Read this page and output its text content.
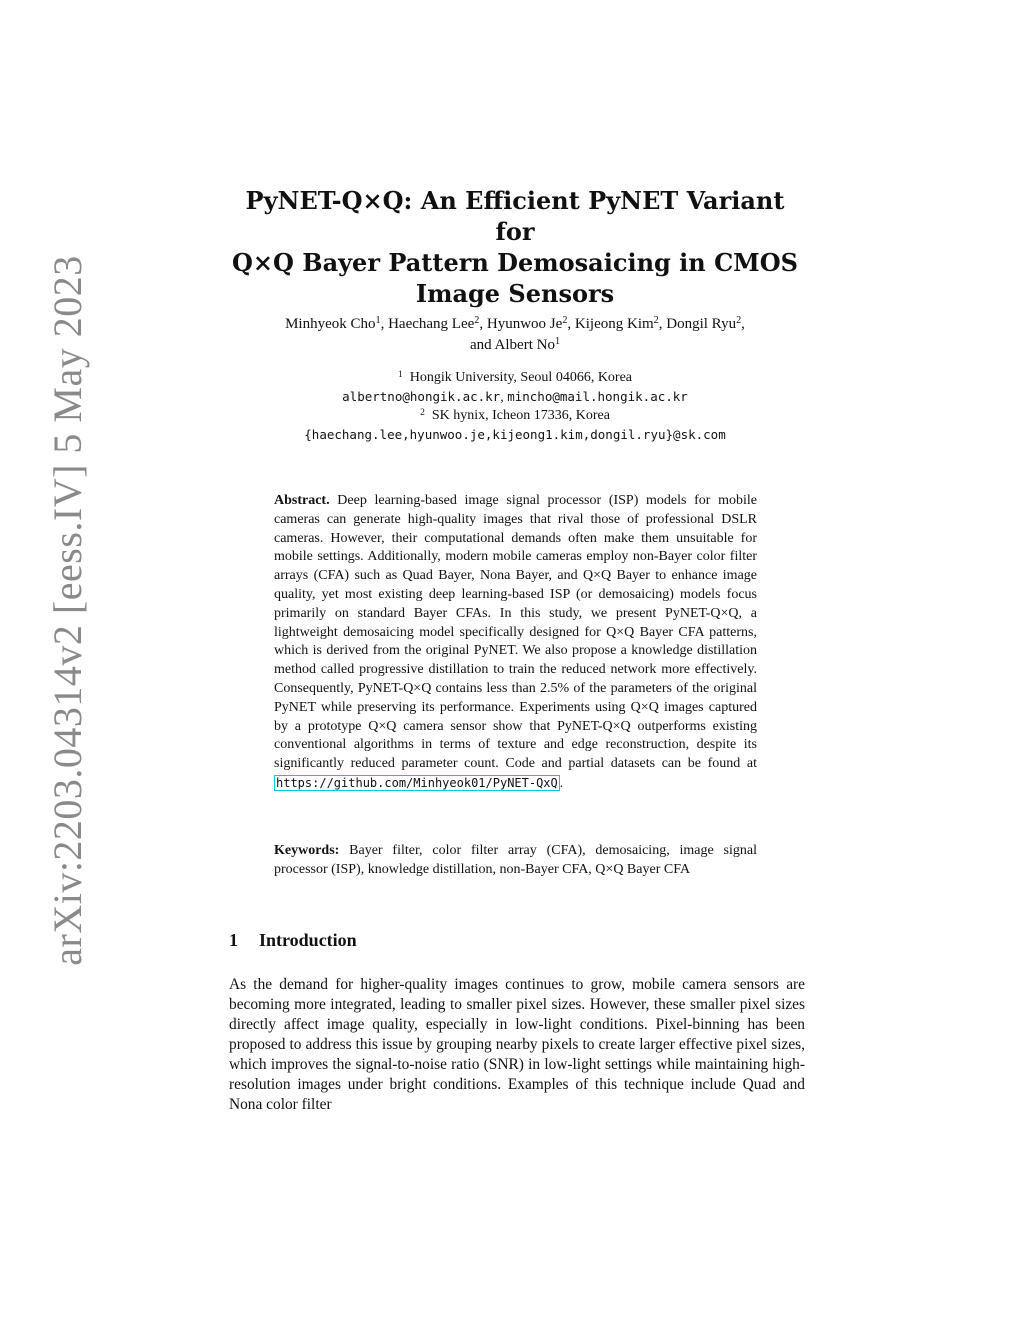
arXiv:2203.04314v2 [eess.IV] 5 May 2023
PyNET-Q×Q: An Efficient PyNET Variant for
Q×Q Bayer Pattern Demosaicing in CMOS
Image Sensors
Minhyeok Cho$^1$, Haechang Lee$^2$, Hyunwoo Je$^2$, Kijeong Kim$^2$, Dongil Ryu$^2$,
and Albert No$^1$
$^1$ Hongik University, Seoul 04066, Korea
albertno@hongik.ac.kr, mincho@mail.hongik.ac.kr
$^2$ SK hynix, Icheon 17336, Korea
{haechang.lee,hyunwoo.je,kijeong1.kim,dongil.ryu}@sk.com
Abstract. Deep learning-based image signal processor (ISP) models for mobile cameras can generate high-quality images that rival those of professional DSLR cameras. However, their computational demands often make them unsuitable for mobile settings. Additionally, modern mobile cameras employ non-Bayer color filter arrays (CFA) such as Quad Bayer, Nona Bayer, and Q×Q Bayer to enhance image quality, yet most existing deep learning-based ISP (or demosaicing) models focus primarily on standard Bayer CFAs. In this study, we present PyNET-Q×Q, a lightweight demosaicing model specifically designed for Q×Q Bayer CFA patterns, which is derived from the original PyNET. We also propose a knowledge distillation method called progressive distillation to train the reduced network more effectively. Consequently, PyNET-Q×Q contains less than 2.5% of the parameters of the original PyNET while preserving its performance. Experiments using Q×Q images captured by a prototype Q×Q camera sensor show that PyNET-Q×Q outperforms existing conventional algorithms in terms of texture and edge reconstruction, despite its significantly reduced parameter count. Code and partial datasets can be found at https://github.com/Minhyeok01/PyNET-QxQ .
Keywords: Bayer filter, color filter array (CFA), demosaicing, image signal processor (ISP), knowledge distillation, non-Bayer CFA, Q×Q Bayer CFA
1 Introduction
As the demand for higher-quality images continues to grow, mobile camera sensors are becoming more integrated, leading to smaller pixel sizes. However, these smaller pixel sizes directly affect image quality, especially in low-light conditions. Pixel-binning has been proposed to address this issue by grouping nearby pixels to create larger effective pixel sizes, which improves the signal-to-noise ratio (SNR) in low-light settings while maintaining high-resolution images under bright conditions. Examples of this technique include Quad and Nona color filter
